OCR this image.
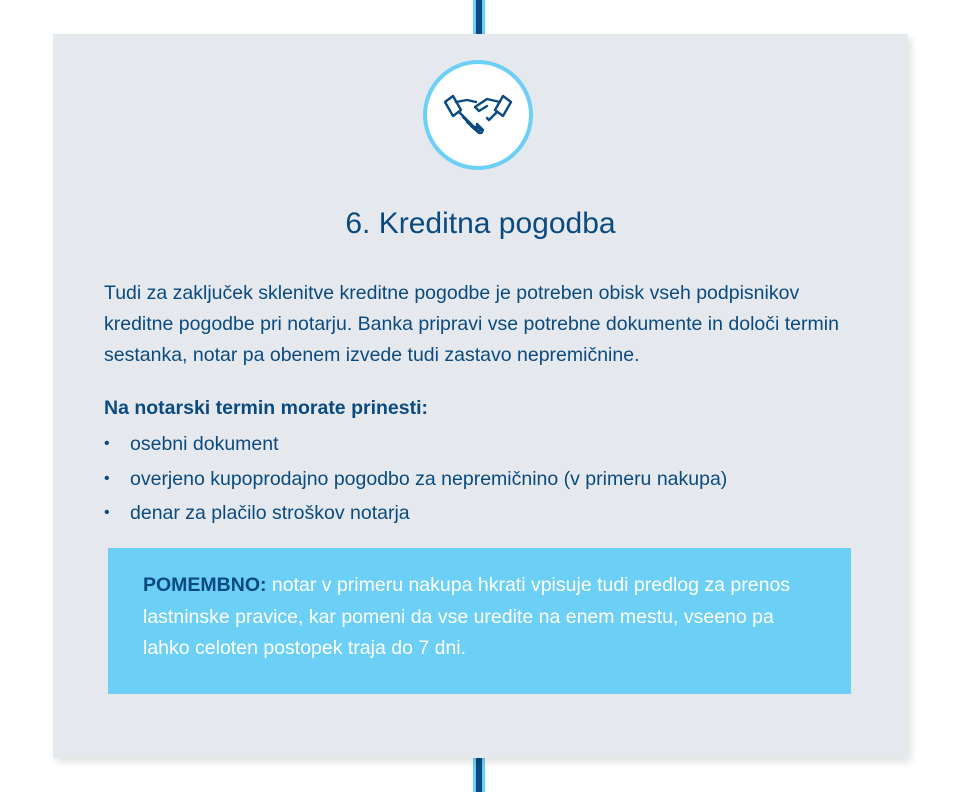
6. Kreditna pogodba

Tudi za zaključek sklenitve kreditne pogodbe je potreben obisk vseh podpisnikov kreditne pogodbe pri notarju. Banka pripravi vse potrebne dokumente in določi termin sestanka, notar pa obenem izvede tudi zastavo nepremičnine.

Na notarski termin morate prinesti:

• osebni dokument
• overjeno kupoprodajno pogodbo za nepremičnino (v primeru nakupa)
• denar za plačilo stroškov notarja

POMEMBNO: notar v primeru nakupa hkrati vpisuje tudi predlog za prenos lastninske pravice, kar pomeni da vse uredite na enem mestu, vseeno pa lahko celoten postopek traja do 7 dni.
